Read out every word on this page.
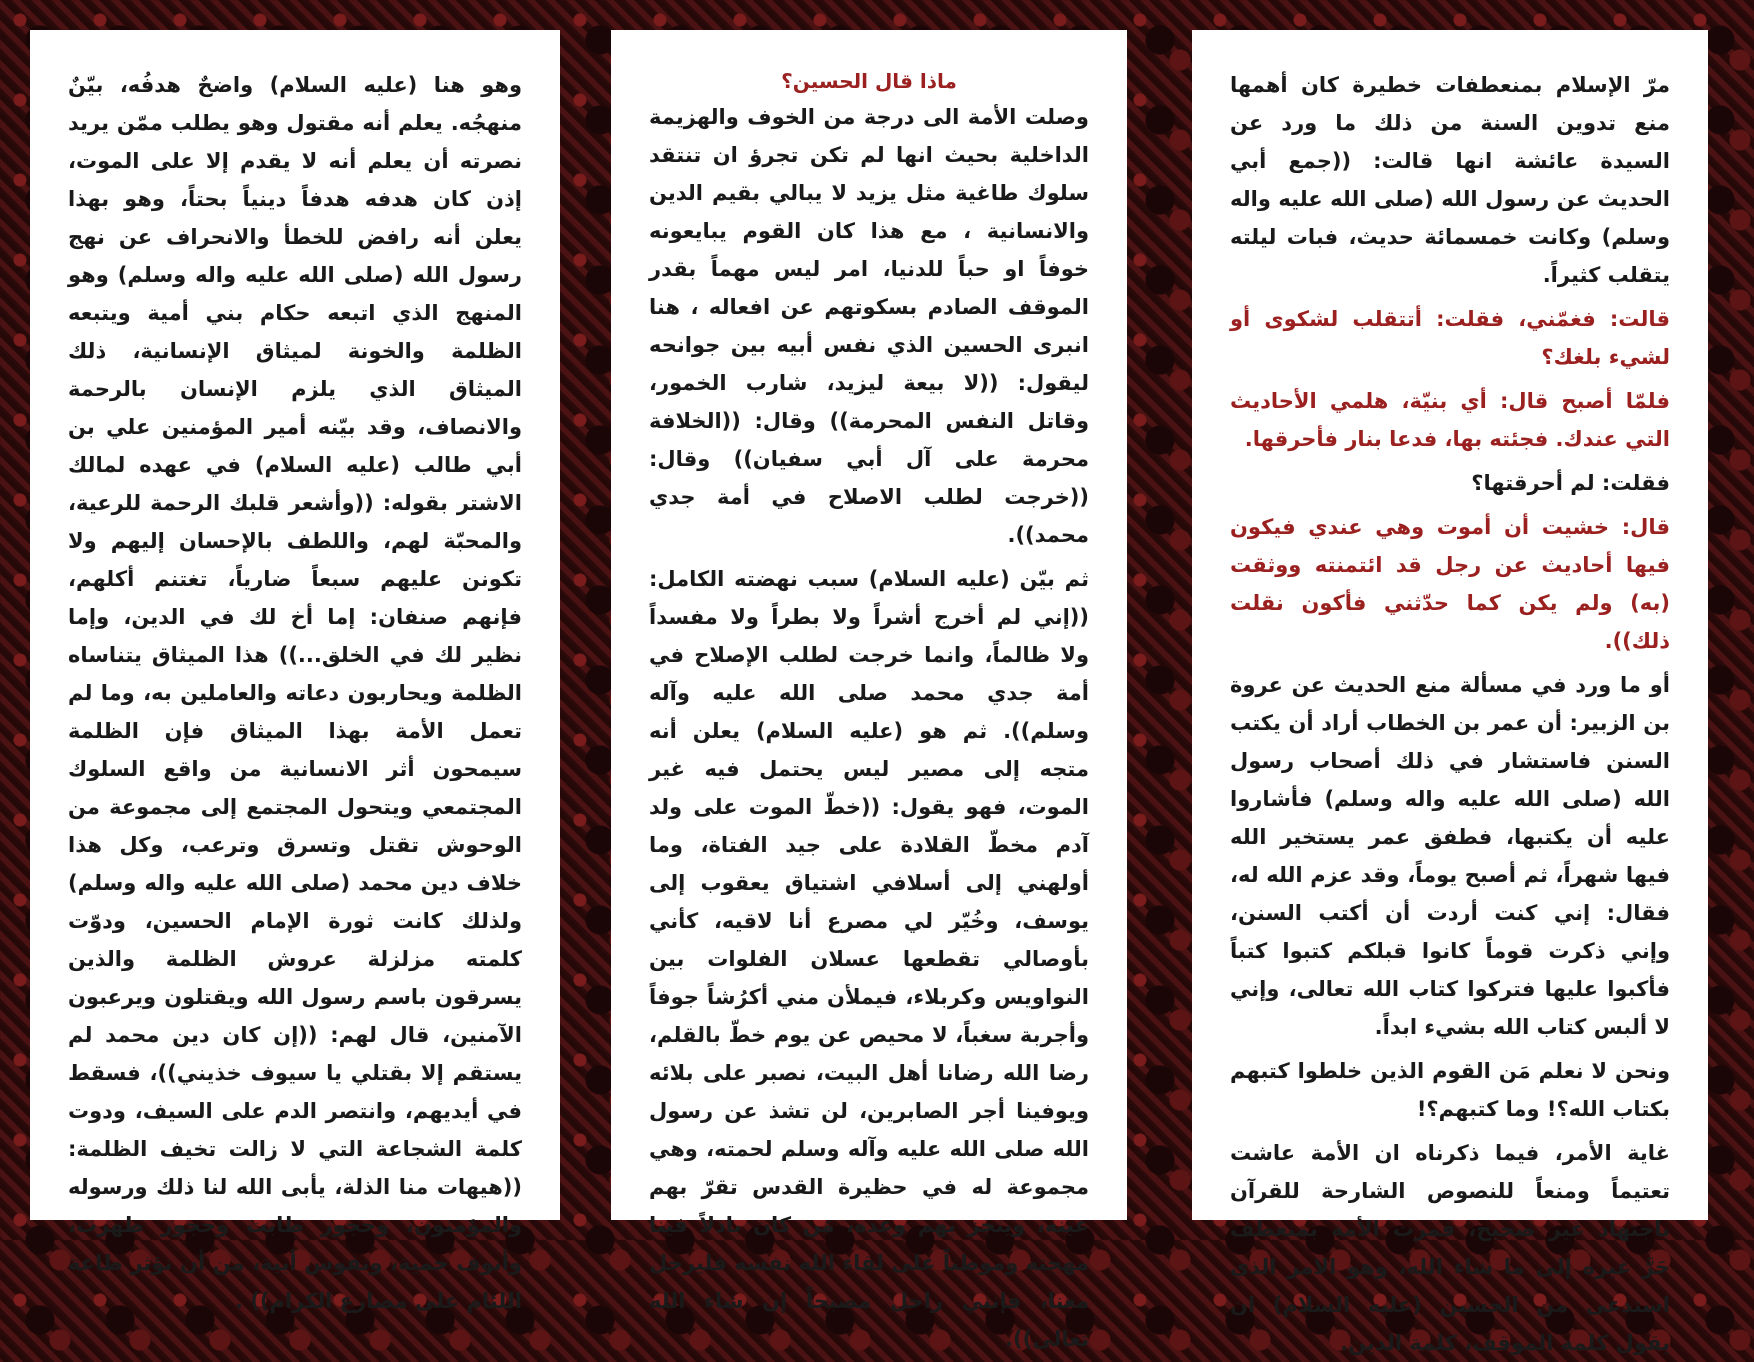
مرّ الإسلام بمنعطفات خطيرة كان أهمها منع تدوين السنة من ذلك ما ورد عن السيدة عائشة انها قالت: ((جمع أبي الحديث عن رسول الله (صلى الله عليه واله وسلم) وكانت خمسمائة حديث، فبات ليلته يتقلب كثيراً.

قالت: فغمّني، فقلت: أتتقلب لشكوى أو لشيء بلغك؟

فلمّا أصبح قال: أي بنيّة، هلمي الأحاديث التي عندك. فجئته بها، فدعا بنار فأحرقها.

فقلت: لم أحرقتها؟

قال: خشيت أن أموت وهي عندي فيكون فيها أحاديث عن رجل قد ائتمنته ووثقت (به) ولم يكن كما حدّثني فأكون نقلت ذلك)).

أو ما ورد في مسألة منع الحديث عن عروة بن الزبير: أن عمر بن الخطاب أراد أن يكتب السنن فاستشار في ذلك أصحاب رسول الله (صلى الله عليه واله وسلم) فأشاروا عليه أن يكتبها، فطفق عمر يستخير الله فيها شهراً، ثم أصبح يوماً، وقد عزم الله له، فقال: إني كنت أردت أن أكتب السنن، وإني ذكرت قوماً كانوا قبلكم كتبوا كتباً فأكبوا عليها فتركوا كتاب الله تعالى، وإني لا ألبس كتاب الله بشيء ابداً.

ونحن لا نعلم مَن القوم الذين خلطوا كتبهم بكتاب الله؟! وما كتبهم؟!

غاية الأمر، فيما ذكرناه ان الأمة عاشت تعتيماً ومنعاً للنصوص الشارحة للقرآن باجتهاد غير صحيح، فمرت الأمة بمنعطف جَرَّ غيره إلى ما شاء الله، وهو الامر الذي استدعى من الحسين (عليه السلام) ان يقول كلمة الموقف، كلمة الدين.

ماذا قال الحسين؟

وصلت الأمة الى درجة من الخوف والهزيمة الداخلية بحيث انها لم تكن تجرؤ ان تنتقد سلوك طاغية مثل يزيد لا يبالي بقيم الدين والانسانية ، مع هذا كان القوم يبايعونه خوفاً او حباً للدنيا، امر ليس مهماً بقدر الموقف الصادم بسكوتهم عن افعاله ، هنا انبرى الحسين الذي نفس أبيه بين جوانحه ليقول: ((لا بيعة ليزيد، شارب الخمور، وقاتل النفس المحرمة)) وقال: ((الخلافة محرمة على آل أبي سفيان)) وقال: ((خرجت لطلب الاصلاح في أمة جدي محمد)).

ثم بيّن (عليه السلام) سبب نهضته الكامل: ((إني لم أخرج أشراً ولا بطراً ولا مفسداً ولا ظالماً، وانما خرجت لطلب الإصلاح في أمة جدي محمد صلى الله عليه وآله وسلم)). ثم هو (عليه السلام) يعلن أنه متجه إلى مصير ليس يحتمل فيه غير الموت، فهو يقول: ((خطّ الموت على ولد آدم مخطّ القلادة على جيد الفتاة، وما أولهني إلى أسلافي اشتياق يعقوب إلى يوسف، وخُيّر لي مصرع أنا لاقيه، كأني بأوصالي تقطعها عسلان الفلوات بين النواويس وكربلاء، فيملأن مني أكرُشاً جوفاً وأجربة سغباً، لا محيص عن يوم خطّ بالقلم، رضا الله رضانا أهل البيت، نصبر على بلائه ويوفينا أجر الصابرين، لن تشذ عن رسول الله صلى الله عليه وآله وسلم لحمته، وهي مجموعة له في حظيرة القدس تقرّ بهم عينه، وينجز بهم وعده، مَن كان باذلاً فينا مهجته وموطناً على لقاء الله نفسه فليرحل معنا، فإنني راحل مصبحاً إن شاء الله تعالى)).

وهو هنا (عليه السلام) واضحٌ هدفُه، بيّنٌ منهجُه. يعلم أنه مقتول وهو يطلب ممّن يريد نصرته أن يعلم أنه لا يقدم إلا على الموت، إذن كان هدفه هدفاً دينياً بحتاً، وهو بهذا يعلن أنه رافض للخطأ والانحراف عن نهج رسول الله (صلى الله عليه واله وسلم) وهو المنهج الذي اتبعه حكام بني أمية ويتبعه الظلمة والخونة لميثاق الإنسانية، ذلك الميثاق الذي يلزم الإنسان بالرحمة والانصاف، وقد بيّنه أمير المؤمنين علي بن أبي طالب (عليه السلام) في عهده لمالك الاشتر بقوله: ((وأشعر قلبك الرحمة للرعية، والمحبّة لهم، واللطف بالإحسان إليهم ولا تكونن عليهم سبعاً ضارياً، تغتنم أكلهم، فإنهم صنفان: إما أخ لك في الدين، وإما نظير لك في الخلق...)) هذا الميثاق يتناساه الظلمة ويحاربون دعاته والعاملين به، وما لم تعمل الأمة بهذا الميثاق فإن الظلمة سيمحون أثر الانسانية من واقع السلوك المجتمعي ويتحول المجتمع إلى مجموعة من الوحوش تقتل وتسرق وترعب، وكل هذا خلاف دين محمد (صلى الله عليه واله وسلم) ولذلك كانت ثورة الإمام الحسين، ودوّت كلمته مزلزلة عروش الظلمة والذين يسرقون باسم رسول الله ويقتلون ويرعبون الآمنين، قال لهم: ((إن كان دين محمد لم يستقم إلا بقتلي يا سيوف خذيني))، فسقط في أيديهم، وانتصر الدم على السيف، ودوت كلمة الشجاعة التي لا زالت تخيف الظلمة: ((هيهات منا الذلة، يأبى الله لنا ذلك ورسوله والمؤمنون، وحجور طابت وحجور طهرت، وأنوف حمية، ونفوس أبية، من أن نؤثر طاعة اللئام على مصارع الكرام)) .
